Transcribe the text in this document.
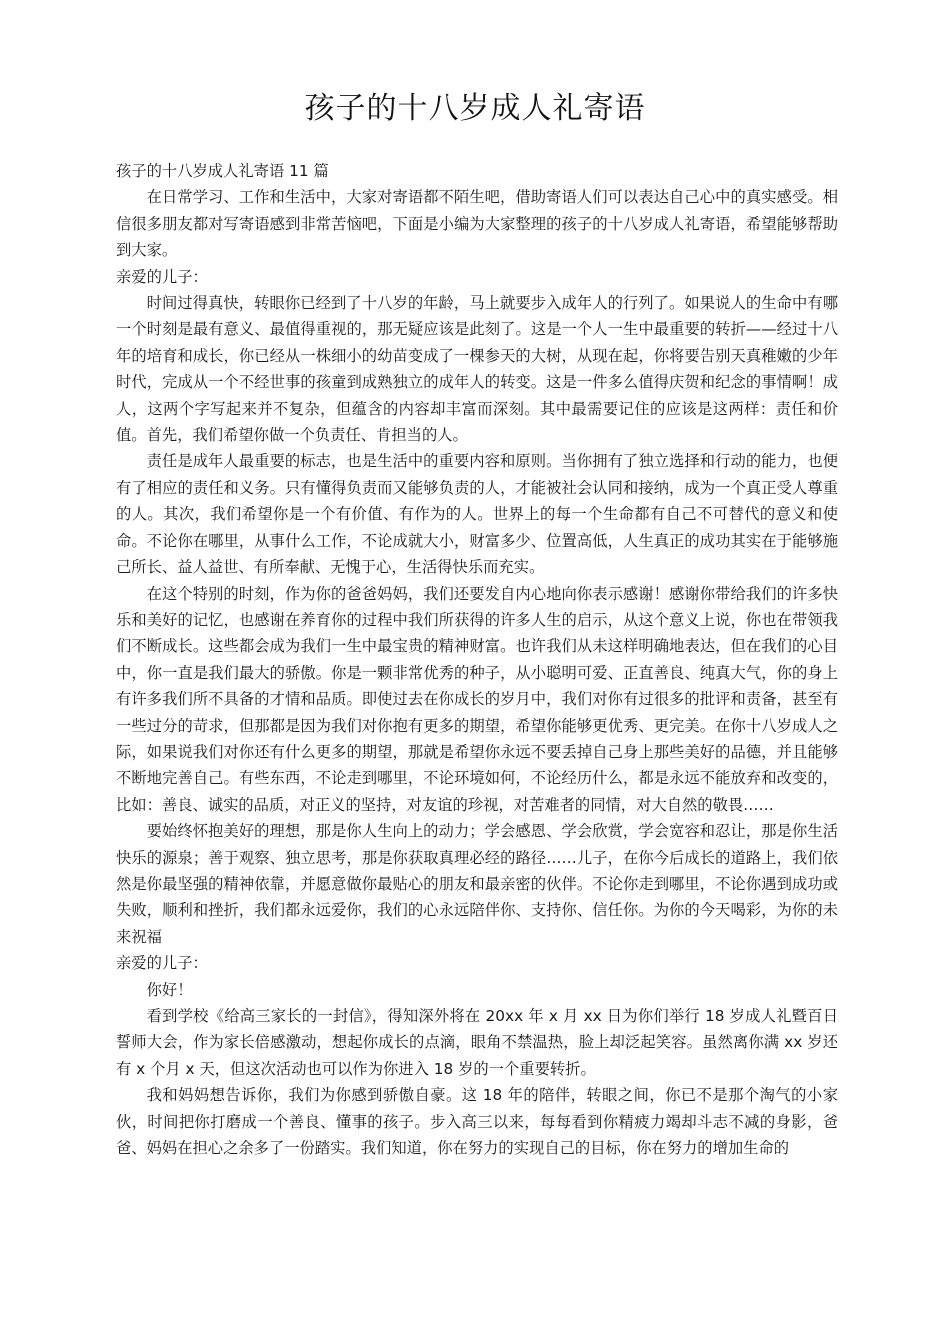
孩子的十八岁成人礼寄语

孩子的十八岁成人礼寄语 11 篇

在日常学习、工作和生活中，大家对寄语都不陌生吧，借助寄语人们可以表达自己心中的真实感受。相信很多朋友都对写寄语感到非常苦恼吧，下面是小编为大家整理的孩子的十八岁成人礼寄语，希望能够帮助到大家。

亲爱的儿子：

时间过得真快，转眼你已经到了十八岁的年龄，马上就要步入成年人的行列了。如果说人的生命中有哪一个时刻是最有意义、最值得重视的，那无疑应该是此刻了。这是一个人一生中最重要的转折——经过十八年的培育和成长，你已经从一株细小的幼苗变成了一棵参天的大树，从现在起，你将要告别天真稚嫩的少年时代，完成从一个不经世事的孩童到成熟独立的成年人的转变。这是一件多么值得庆贺和纪念的事情啊！成人，这两个字写起来并不复杂，但蕴含的内容却丰富而深刻。其中最需要记住的应该是这两样：责任和价值。首先，我们希望你做一个负责任、肯担当的人。

责任是成年人最重要的标志，也是生活中的重要内容和原则。当你拥有了独立选择和行动的能力，也便有了相应的责任和义务。只有懂得负责而又能够负责的人，才能被社会认同和接纳，成为一个真正受人尊重的人。其次，我们希望你是一个有价值、有作为的人。世界上的每一个生命都有自己不可替代的意义和使命。不论你在哪里，从事什么工作，不论成就大小，财富多少、位置高低，人生真正的成功其实在于能够施己所长、益人益世、有所奉献、无愧于心，生活得快乐而充实。

在这个特别的时刻，作为你的爸爸妈妈，我们还要发自内心地向你表示感谢！感谢你带给我们的许多快乐和美好的记忆，也感谢在养育你的过程中我们所获得的许多人生的启示，从这个意义上说，你也在带领我们不断成长。这些都会成为我们一生中最宝贵的精神财富。也许我们从未这样明确地表达，但在我们的心目中，你一直是我们最大的骄傲。你是一颗非常优秀的种子，从小聪明可爱、正直善良、纯真大气，你的身上有许多我们所不具备的才情和品质。即使过去在你成长的岁月中，我们对你有过很多的批评和责备，甚至有一些过分的苛求，但那都是因为我们对你抱有更多的期望，希望你能够更优秀、更完美。在你十八岁成人之际，如果说我们对你还有什么更多的期望，那就是希望你永远不要丢掉自己身上那些美好的品德，并且能够不断地完善自己。有些东西，不论走到哪里，不论环境如何，不论经历什么，都是永远不能放弃和改变的，比如：善良、诚实的品质，对正义的坚持，对友谊的珍视，对苦难者的同情，对大自然的敬畏……

要始终怀抱美好的理想，那是你人生向上的动力；学会感恩、学会欣赏，学会宽容和忍让，那是你生活快乐的源泉；善于观察、独立思考，那是你获取真理必经的路径……儿子，在你今后成长的道路上，我们依然是你最坚强的精神依靠，并愿意做你最贴心的朋友和最亲密的伙伴。不论你走到哪里，不论你遇到成功或失败，顺利和挫折，我们都永远爱你，我们的心永远陪伴你、支持你、信任你。为你的今天喝彩，为你的未来祝福

亲爱的儿子：

你好！

看到学校《给高三家长的一封信》，得知深外将在 20xx 年 x 月 xx 日为你们举行 18 岁成人礼暨百日誓师大会，作为家长倍感激动，想起你成长的点滴，眼角不禁温热，脸上却泛起笑容。虽然离你满 xx 岁还有 x 个月 x 天，但这次活动也可以作为你进入 18 岁的一个重要转折。

我和妈妈想告诉你，我们为你感到骄傲自豪。这 18 年的陪伴，转眼之间，你已不是那个淘气的小家伙，时间把你打磨成一个善良、懂事的孩子。步入高三以来，每每看到你精疲力竭却斗志不减的身影，爸爸、妈妈在担心之余多了一份踏实。我们知道，你在努力的实现自己的目标，你在努力的增加生命的
